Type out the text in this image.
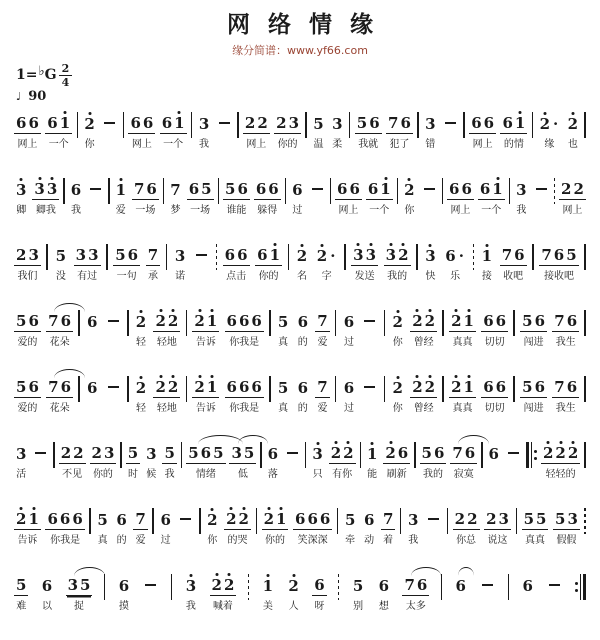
网络情缘
缘分简谱：www.yf66.com
1= ♭ G $\frac{2}{4}$
♩ 90
6 6
网上
6 1
一个
2
你
6 6
网上
6 1
一个
3
我
2 2
网上
2 3
你的
5
温
3
柔
5 6
我就
7 6
犯了
3
错
6 6
网上
6 1
的情
2 ·
缘
2
也
3
卿
3 3
卿我
6
我
1
爱
7 6
一场
7
梦
6 5
一场
5 6
谁能
6 6
躲得
6
过
6 6
网上
6 1
一个
2
你
6 6
网上
6 1
一个
3
我
2 2
网上
2 3
我们
5
没
3 3
有过
5 6
一句
7
承
3
诺
6 6
点击
6 1
你的
2
名
2 ·
字
3 3
发送
3 2
我的
3
快
6 ·
乐
1
接
7 6
收吧
7 6 5
接收吧
5 6
爱的
7 6
花朵
6	2
轻
2 2
轻地
2 1
告诉
6 6 6
你我是
5
真
6
的
7
爱
6
过
2
你
2 2
曾经
2 1
真真
6 6
切切
5 6
闯进
7 6
我生
5 6
爱的
7 6
花朵
6	2
轻
2 2
轻地
2 1
告诉
6 6 6
你我是
5
真
6
的
7
爱
6
过
2
你
2 2
曾经
2 1
真真
6 6
切切
5 6
闯进
7 6
我生
3
活
2 2
不见
2 3
你的
5
时
3
候
5
我
5 6 5
情绪
3 5
低
6
落
3
只
2 2
有你
1
能
2 6
刷新
5 6
我的
7 6
寂寞
6	2 2 2
轻轻的
2 1
告诉
6 6 6
你我是
5
真
6
的
7
爱
6
过
2
你
2 2
的哭
2 1
你的
6 6 6
笑深深
5
牵
6
动
7
着
3
我
2 2
你总
2 3
说这
5 5
真真
5 3
假假
5
难
6
以
3 5
捉
6
摸
3
我
2 2
喊着
1
美
2
人
6
呀
5
别
6
想
7 6
太多
6	6
